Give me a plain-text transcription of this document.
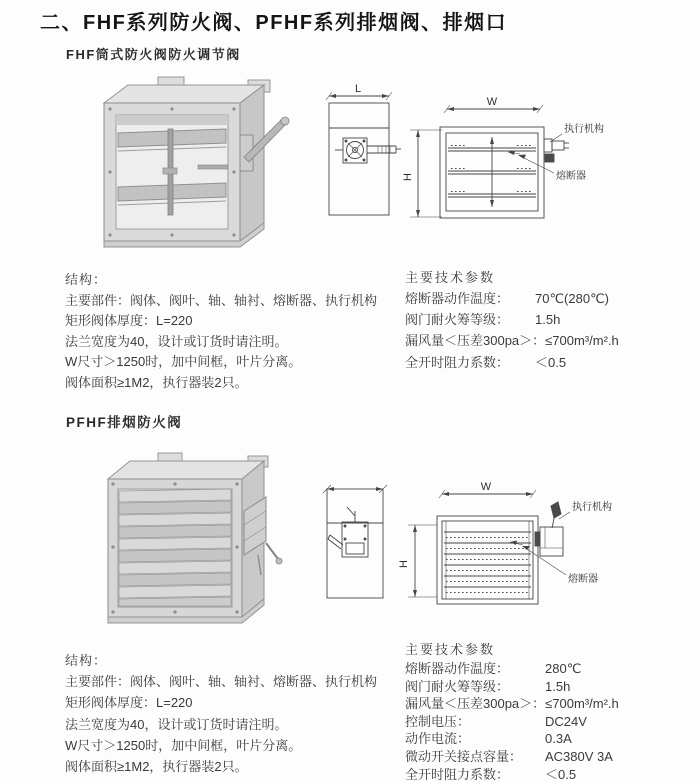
二、FHF系列防火阀、PFHF系列排烟阀、排烟口
FHF筒式防火阀防火调节阀
L
W
H
执行机构
熔断器
结构：
主要部件：阀体、阀叶、轴、轴衬、熔断器、执行机构
矩形阀体厚度：L=220
法兰宽度为40，设计或订货时请注明。
W尺寸＞1250时，加中间框，叶片分离。
阀体面积≥1M2，执行器装2只。
主要技术参数
熔断器动作温度： 70℃(280℃)
阀门耐火筹等级： 1.5h
漏风量＜压差300pa＞：≤700m³/m².h
全开时阻力系数： ＜0.5
PFHF排烟防火阀
W
H
执行机构
熔断器
结构：
主要部件：阀体、阀叶、轴、轴衬、熔断器、执行机构
矩形阀体厚度：L=220
法兰宽度为40，设计或订货时请注明。
W尺寸＞1250时，加中间框，叶片分离。
阀体面积≥1M2，执行器装2只。
主要技术参数
熔断器动作温度：	280℃
阀门耐火筹等级：	1.5h
漏风量＜压差300pa＞：≤700m³/m².h
控制电压：	DC24V
动作电流：	0.3A
微动开关接点容量： AC380V 3A
全开时阻力系数：	＜0.5
